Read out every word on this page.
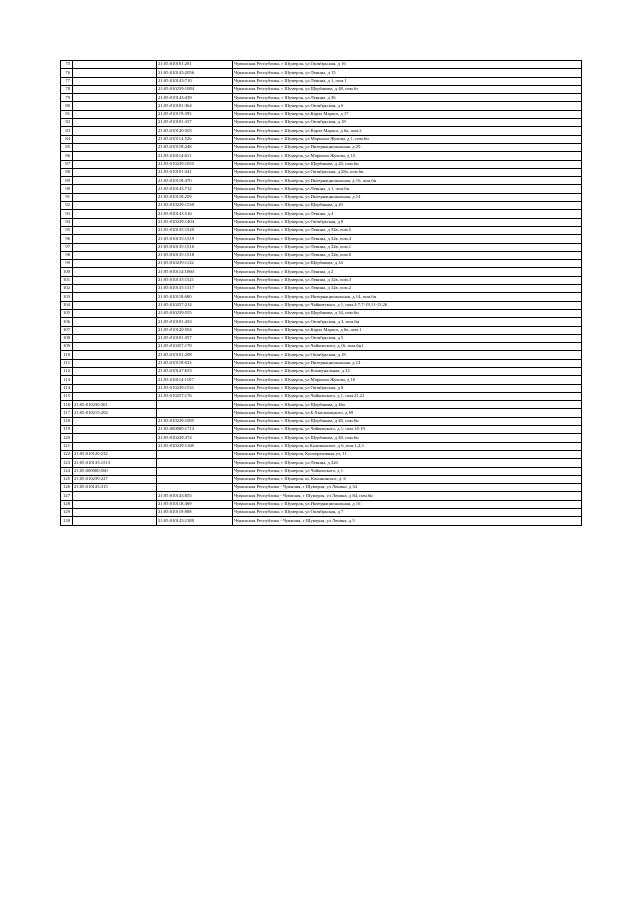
75		21:05:010101:281	Чувашская Республика, г Шумерля, ул Октябрьская, д 16
76		21:05:010143:2056	Чувашская Республика, г Шумерля, ул Ленина, д 15
77		21:05:010143:710	Чувашская Республика, г Шумерля, ул Ленина, д 1, пом.1
78		21:05:010239:1084	Чувашская Республика, г Шумерля, ул Щербакова, д 48, пом.6т
79		21:05:010143:439	Чувашская Республика, г Шумерля, ул Ленина, д 36
80		21:05:010101:364	Чувашская Республика, г Шумерля, ул Октябрьская, д 6
81		21:05:010119:395	Чувашская Республика, г Шумерля, ул Карла Маркса, д 17
82		21:05:010101:337	Чувашская Республика, г Шумерля, ул Октябрьская, д 18
83		21:05:010120:503	Чувашская Республика, г Шумерля, ул Карла Маркса, д 6а, пом.2
84		21:05:010114:526	Чувашская Республика, г Шумерля, ул Маршала Жукова, д 1, пом.6н
85		21:05:010118:248	Чувашская Республика, г Шумерля, ул Интернациональная, д 29
86		21:05:010114:611	Чувашская Республика, г Шумерля, ул Маршала Жукова, д 15
87		21:05:010239:1055	Чувашская Республика, г Шумерля, ул Щербакова, д 20, пом.6н
88		21:05:010101:341	Чувашская Республика, г Шумерля, ул Октябрьская, д 28а, пом.6н
89		21:05:010118:470	Чувашская Республика, г Шумерля, ул Интернациональная, д 16, пом.6н
90		21:05:010143:712	Чувашская Республика, г Шумерля, ул Ленина, д 1, пом.6н
91		21:05:010118:259	Чувашская Республика, г Шумерля, ул Интернациональная, д 14
92		21:05:010239:1530	Чувашская Республика, г Шумерля, ул Щербакова, д 20
93		21:05:010143:516	Чувашская Республика, г Шумерля, ул Ленина, д 4
94		21:05:010239:1404	Чувашская Республика, г Шумерля, ул Октябрьская, д 8
95		21:05:010135:1520	Чувашская Республика, г Шумерля, ул Ленина, д 32в, пом.5
96		21:05:010135:1519	Чувашская Республика, г Шумерля, ул Ленина, д 32в, пом.4
97		21:05:010135:1516	Чувашская Республика, г Шумерля, ул Ленина, д 32в, пом.1
98		21:05:010135:1518	Чувашская Республика, г Шумерля, ул Ленина, д 32в, пом.6
99		21:05:010239:1122	Чувашская Республика, г Шумерля, ул Щербакова, д 34
100		21:05:010114:1060	Чувашская Республика, г Шумерля, ул Ленина, д 2
101		21:05:010135:1521	Чувашская Республика, г Шумерля, ул Ленина, д 32в, пом.3
102		21:05:010135:1517	Чувашская Республика, г Шумерля, ул Ленина, д 32в, пом.2
103		21:05:010118:680	Чувашская Республика, г Шумерля, ул Интернациональная, д 14, пом.6н
104		21:05:010257:214	Чувашская Республика, г Шумерля, ул Чайковского, д 1, пом.2-7,7-19,11-13,26
105		21:05:010239:555	Чувашская Республика, г Шумерля, ул Щербакова, д 34, пом.6н
106		21:05:010101:433	Чувашская Республика, г Шумерля, ул Октябрьская, д 3, пом.6н
107		21:05:010120:504	Чувашская Республика, г Шумерля, ул Карла Маркса, д 6а, пом.1
108		21:05:010101:357	Чувашская Республика, г Шумерля, ул Октябрьская, д 5
109		21:05:010257:170	Чувашская Республика, г Шумерля, ул Чайковского, д 16, пом.6н1
110		21:05:010101:298	Чувашская Республика, г Шумерля, ул Октябрьская, д 18
111		21:05:010118:633	Чувашская Республика, г Шумерля, ул Интернациональная, д 14
112		21:05:010147:653	Чувашская Республика, г Шумерля, ул Коммунальная, д 23
113		21:05:010114:1107	Чувашская Республика, г Шумерля, ул Маршала Жукова, д 16
114		21:05:010239:1531	Чувашская Республика, г Шумерля, ул Октябрьская, д 8
115		21:05:010257:176	Чувашская Республика, г Шумерля, ул Чайковского, д 1, пом.21,22
116	21:05:010230:301		Чувашская Республика, г Шумерля, ул Щербакова, д 46а
117	21:05:010215:202		Чувашская Республика, г Шумерля, ул Б.Хмельницкого, д 69
118		21:05:010239:1085	Чувашская Республика, г Шумерля, ул Щербакова, д 48, пом.6н
119		21:05:000000:1714	Чувашская Республика, г Шумерля, ул Чайковского, д 1, пом.14-19
120		21:05:010239:374	Чувашская Республика, г Шумерля, ул Щербакова, д 48, пом.6н
121		21:05:010239:1168	Чувашская Республика, г Шумерля, ш Калининское, д 6, пом.1,2,3
122	21:05:010120:232		Чувашская Республика, г Шумерля, Кооперативная ул, 11
123	21:05:010135:1513		Чувашская Республика, г Шумерля, ул Ленина, д 32б
124	21:05:000000:560		Чувашская Республика, г Шумерля, ул Чайковского, д 1
125	21:05:010239:227		Чувашская Республика, г Шумерля, ш. Калининское, д. 6
126	21:05:010143:315		Чувашская Республика - Чувашия, г Шумерля, ул Ленина, д 34
127		21:05:010143:855	Чувашская Республика - Чувашия, г Шумерля, ул Ленина, д 84, пом.6н
128		21:05:010118:469	Чувашская Республика, г Шумерля, ул Интернациональная, д 16
129		21:05:010119:808	Чувашская Республика, г Шумерля, ул Октябрьская, д 7
130		21:05:010143:1380	Чувашская Республика - Чувашия, г Шумерля, ул Ленина, д 5
